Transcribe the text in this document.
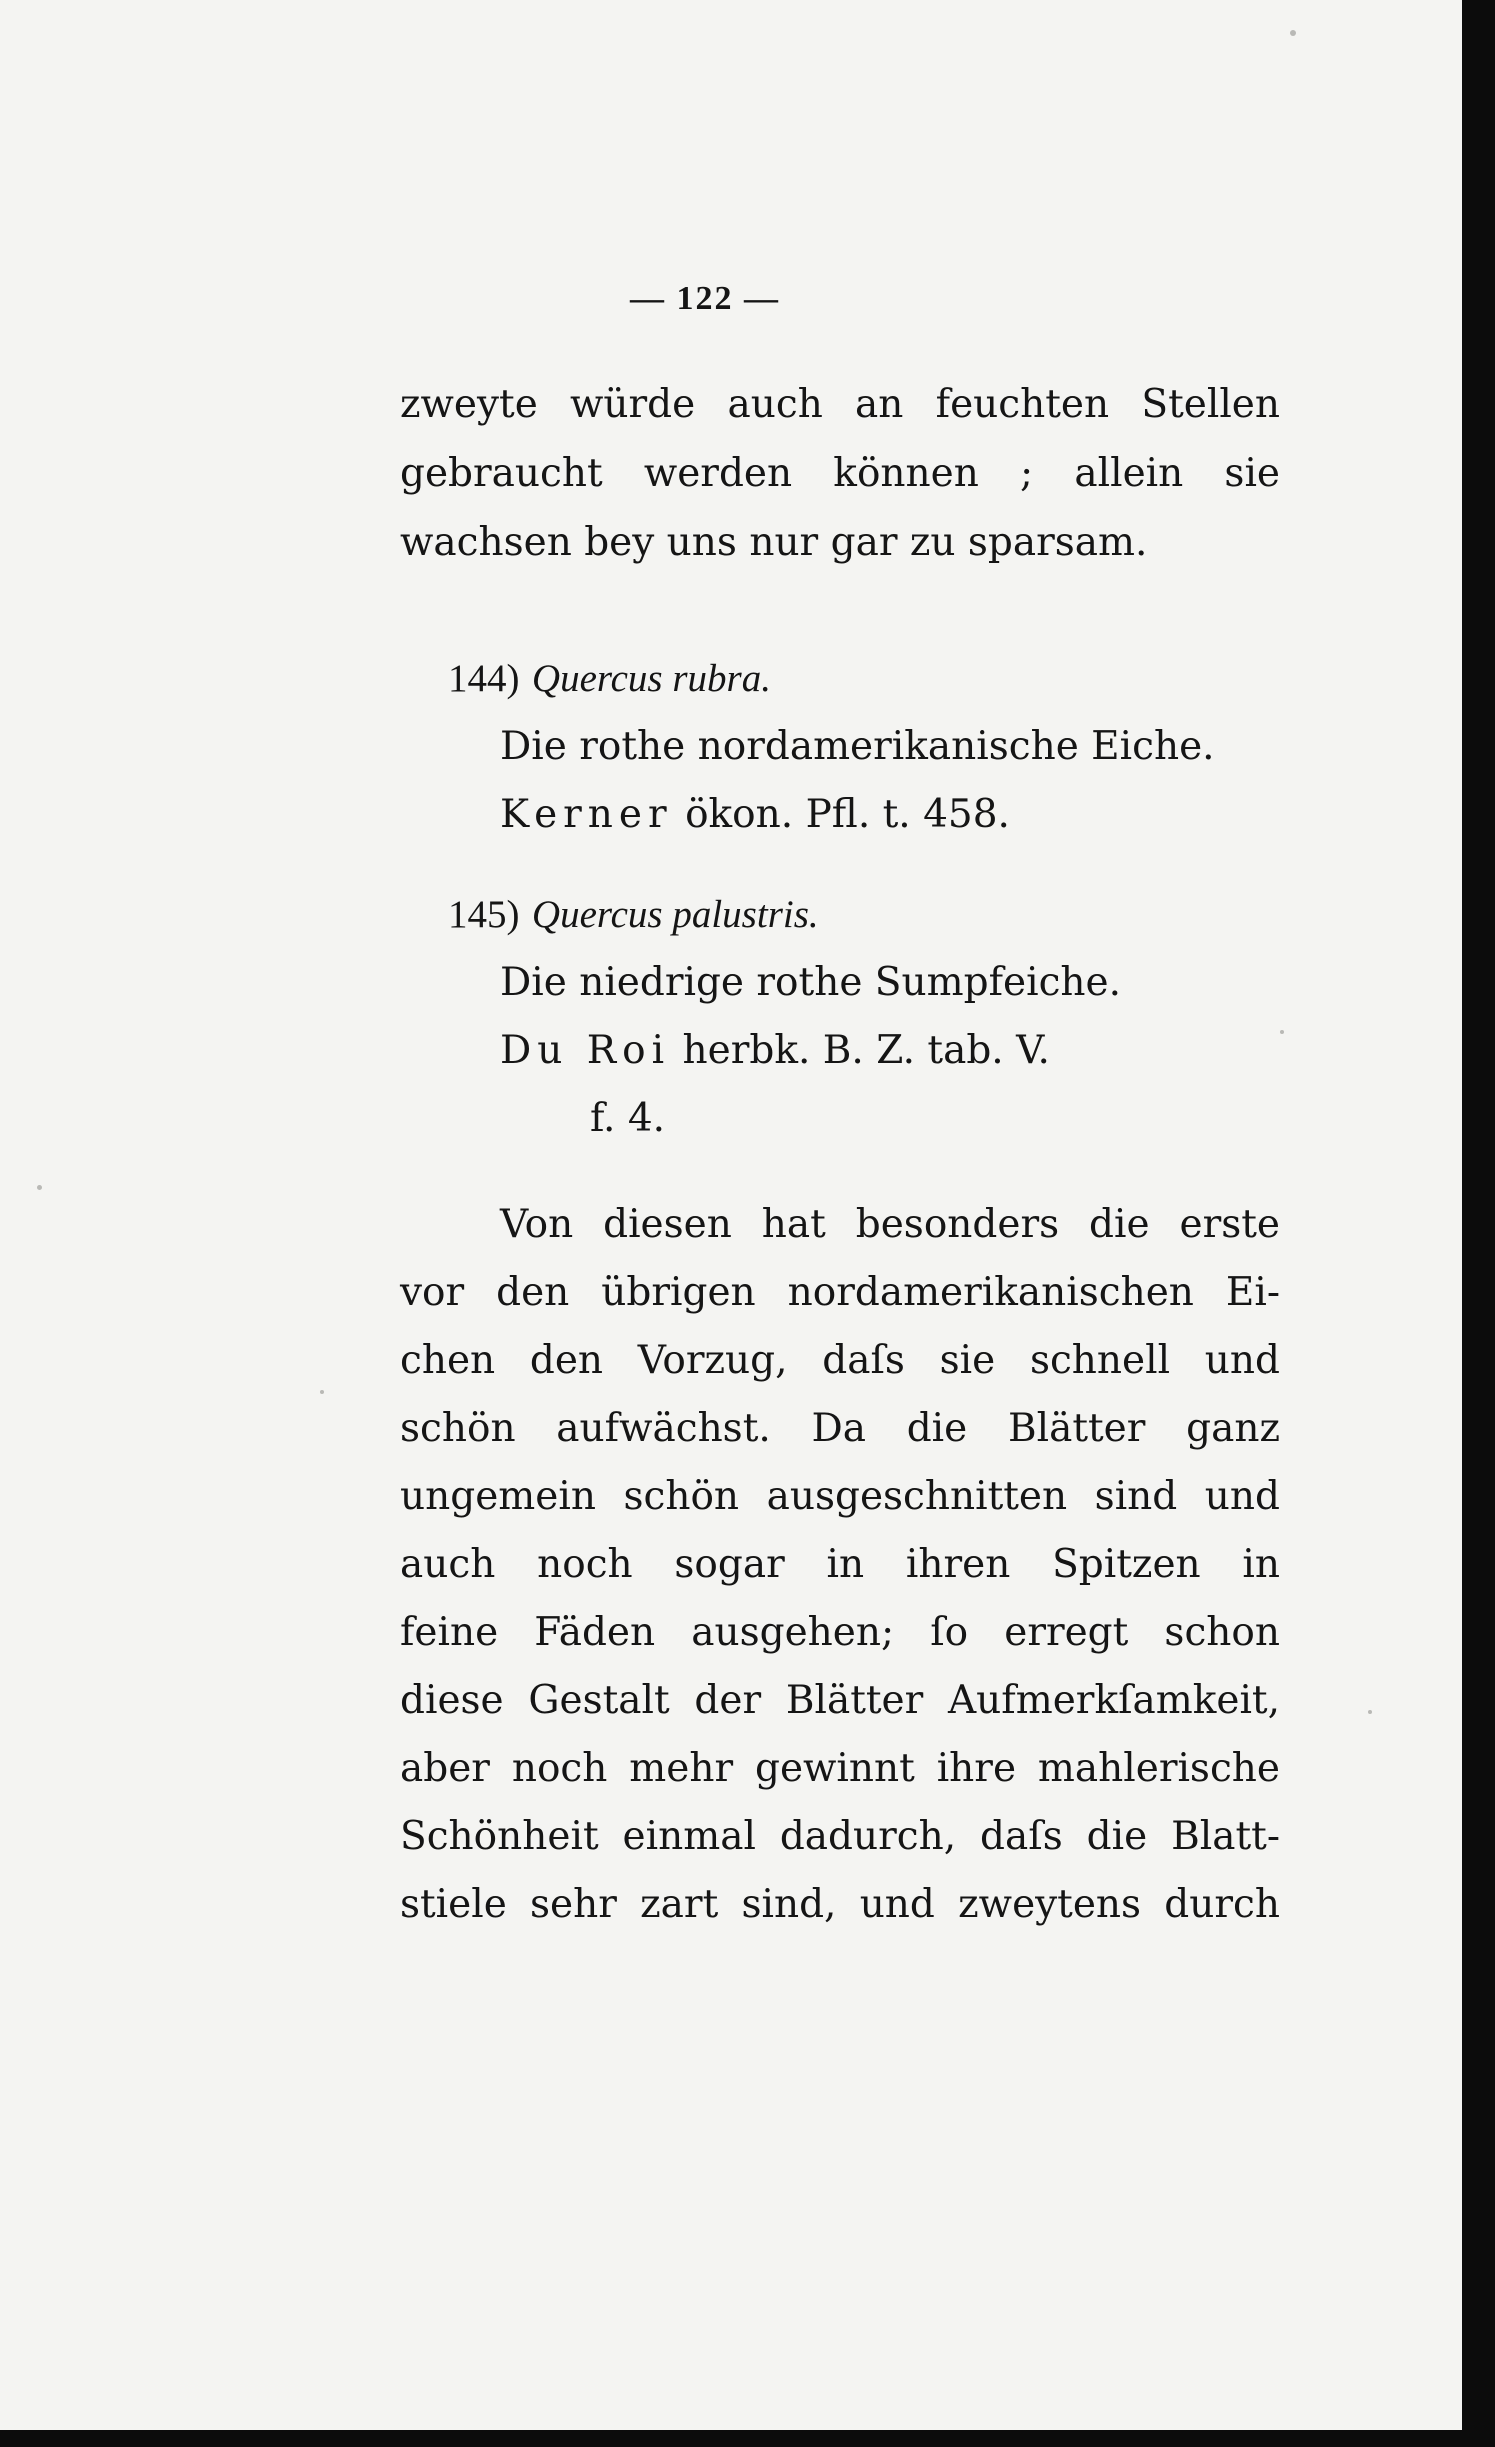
— 122 —
zweyte würde auch an feuchten Stellen
gebraucht werden können ; allein sie
wachsen bey uns nur gar zu sparsam.
144) Quercus rubra.
Die rothe nordamerikanische Eiche.
Kerner ökon. Pfl. t. 458.
145) Quercus palustris.
Die niedrige rothe Sumpfeiche.
Du Roi herbk. B. Z. tab. V.
f. 4.
Von diesen hat besonders die erste
vor den übrigen nordamerikanischen Ei-
chen den Vorzug, daſs sie schnell und
schön aufwächst. Da die Blätter ganz
ungemein schön ausgeschnitten sind und
auch noch sogar in ihren Spitzen in
feine Fäden ausgehen; ſo erregt schon
diese Gestalt der Blätter Aufmerkſamkeit,
aber noch mehr gewinnt ihre mahlerische
Schönheit einmal dadurch, daſs die Blatt-
stiele sehr zart sind, und zweytens durch
